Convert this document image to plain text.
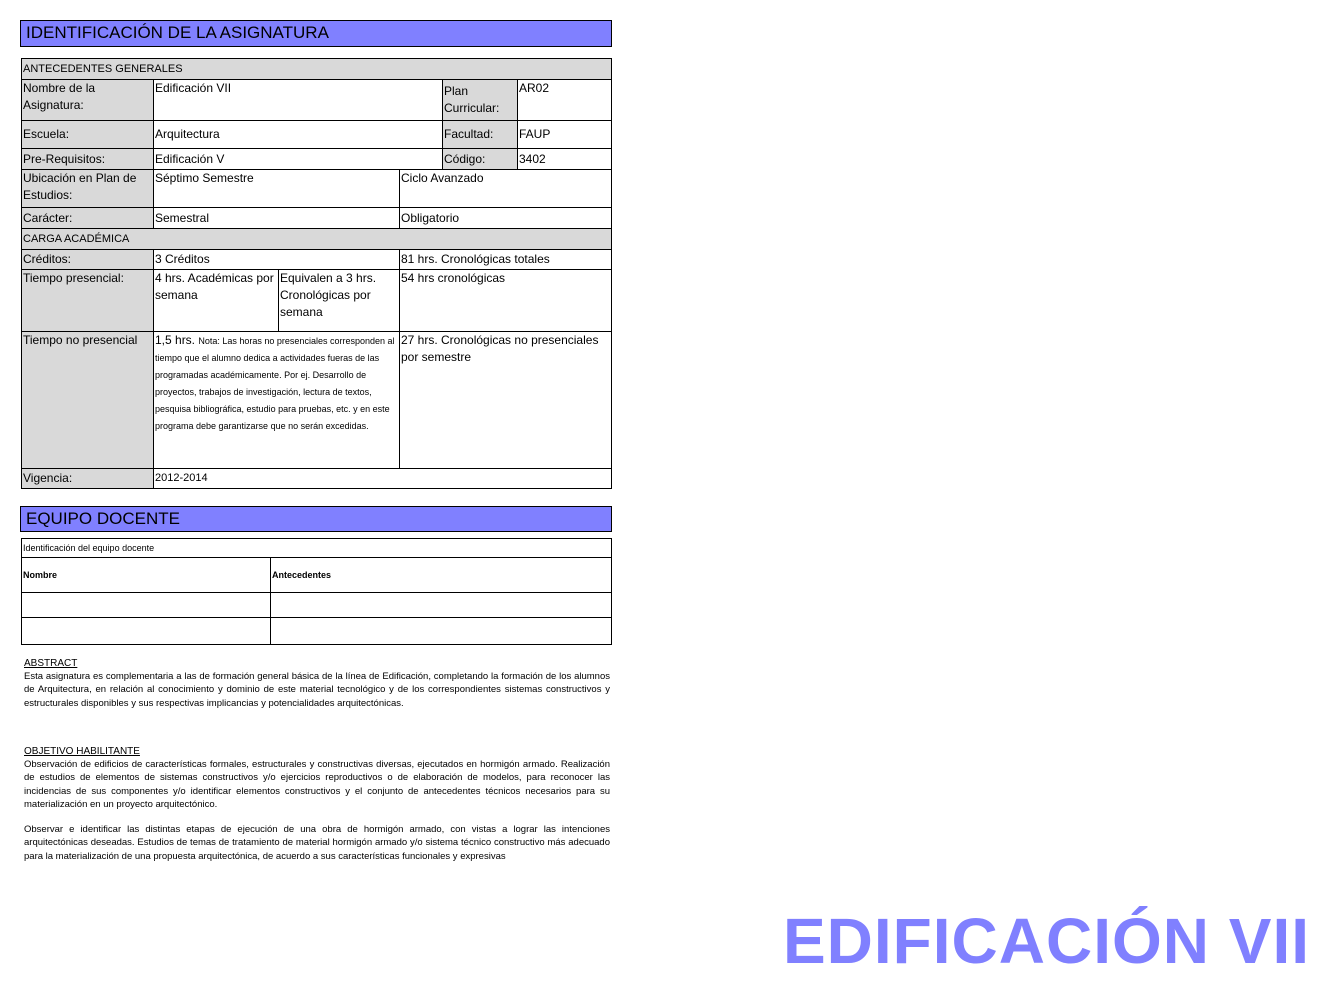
IDENTIFICACIÓN DE LA ASIGNATURA
ANTECEDENTES GENERALES					
Nombre de la Asignatura:	Edificación VII			Plan Curricular:	AR02
Escuela:	Arquitectura			Facultad:	FAUP
Pre-Requisitos:	Edificación V			Código:	3402
Ubicación en Plan de Estudios:	Séptimo Semestre		Ciclo Avanzado		
Carácter:	Semestral		Obligatorio		
CARGA ACADÉMICA					
Créditos:	3 Créditos		81 hrs. Cronológicas totales		
Tiempo presencial:	4 hrs. Académicas por semana	Equivalen a 3 hrs. Cronológicas por semana	54 hrs cronológicas		
Tiempo no presencial	1,5 hrs. Nota: Las horas no presenciales corresponden al tiempo que el alumno dedica a actividades fueras de las programadas académicamente. Por ej. Desarrollo de proyectos, trabajos de investigación, lectura de textos, pesquisa bibliográfica, estudio para pruebas, etc. y en este programa debe garantizarse que no serán excedidas.		27 hrs. Cronológicas no presenciales por semestre		
Vigencia:	2012-2014				
EQUIPO DOCENTE
Identificación del equipo docente	
Nombre	Antecedentes

ABSTRACT
Esta asignatura es complementaria a las de formación general básica de la línea de Edificación, completando la formación de los alumnos de Arquitectura, en relación al conocimiento y dominio de este material tecnológico y de los correspondientes sistemas constructivos y estructurales disponibles y sus respectivas implicancias y potencialidades arquitectónicas.
OBJETIVO HABILITANTE
Observación de edificios de características formales, estructurales y constructivas diversas, ejecutados en hormigón armado. Realización de estudios de elementos de sistemas constructivos y/o ejercicios reproductivos o de elaboración de modelos, para reconocer las incidencias de sus componentes y/o identificar elementos constructivos y el conjunto de antecedentes técnicos necesarios para su materialización en un proyecto arquitectónico.
Observar e identificar las distintas etapas de ejecución de una obra de hormigón armado, con vistas a lograr las intenciones arquitectónicas deseadas. Estudios de temas de tratamiento de material hormigón armado y/o sistema técnico constructivo más adecuado para la materialización de una propuesta arquitectónica, de acuerdo a sus características funcionales y expresivas
EDIFICACIÓN VII
